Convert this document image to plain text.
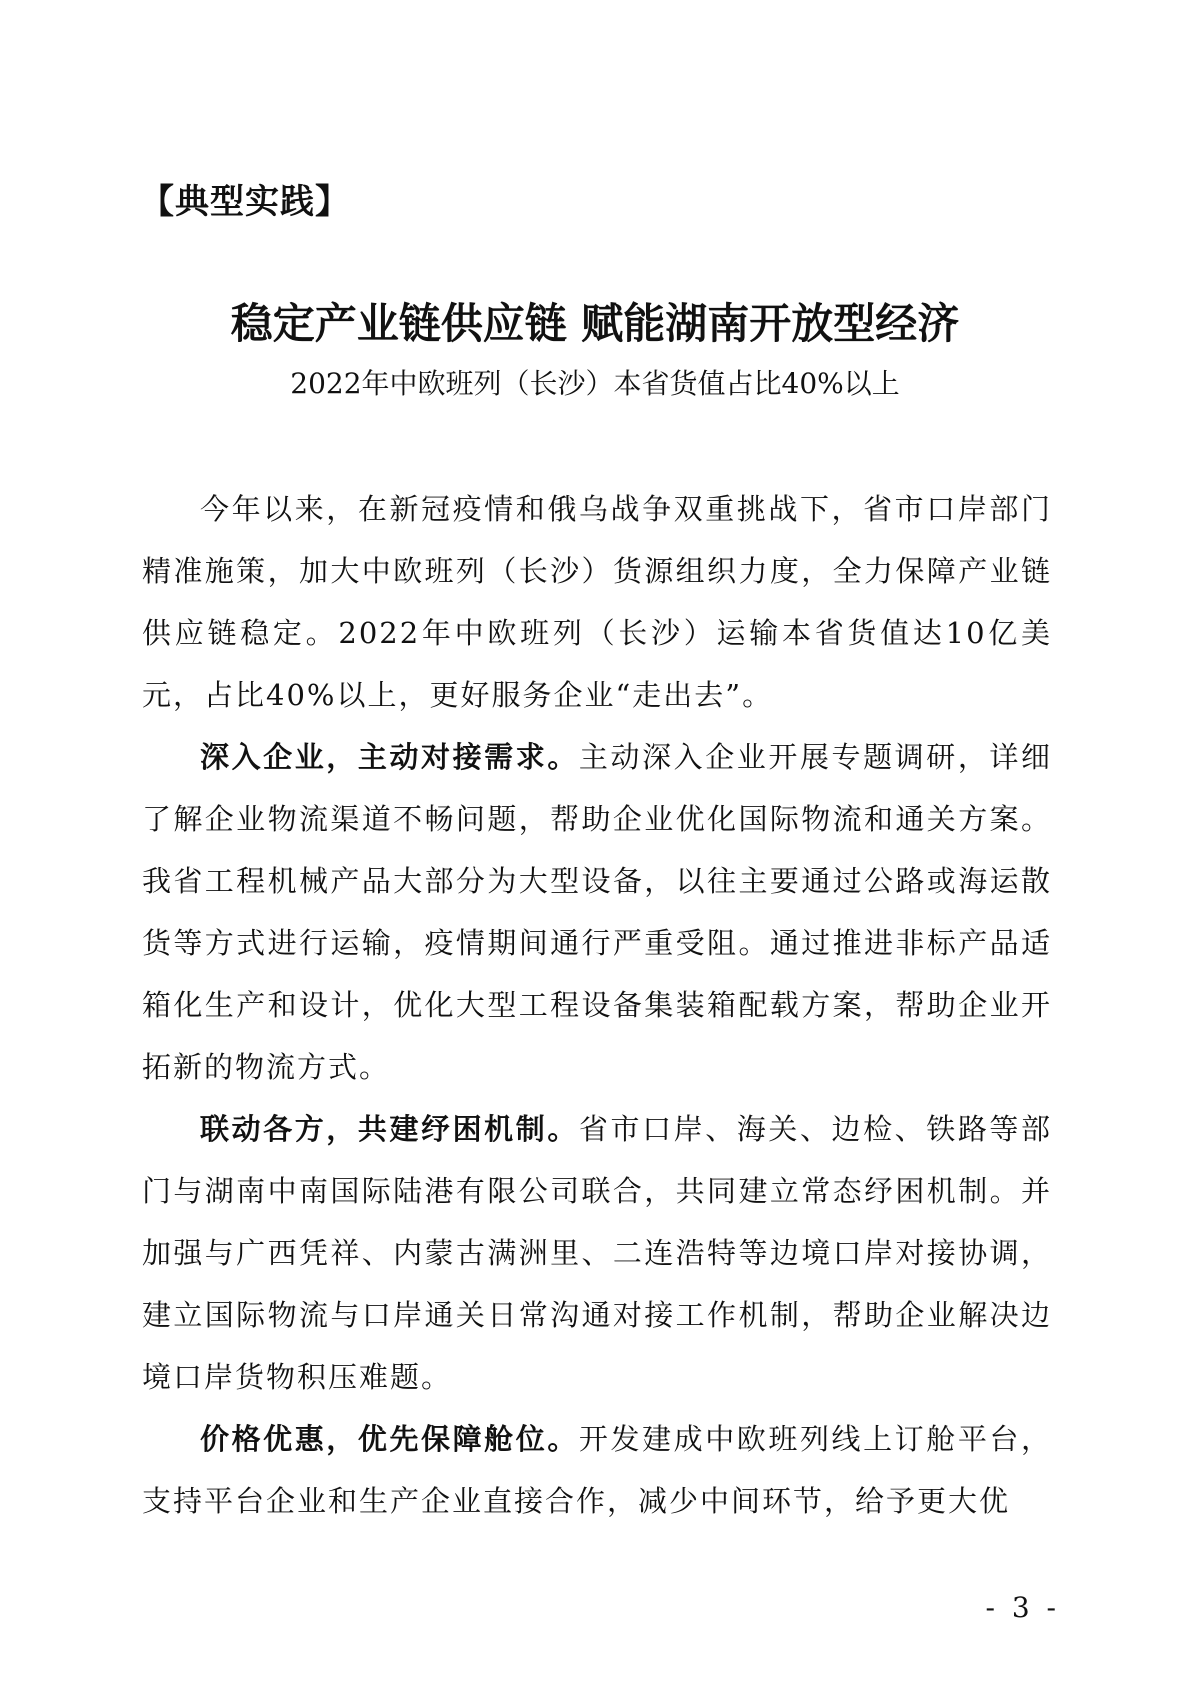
【典型实践】
稳定产业链供应链 赋能湖南开放型经济
2022年中欧班列（长沙）本省货值占比40%以上

今年以来，在新冠疫情和俄乌战争双重挑战下，省市口岸部门精准施策，加大中欧班列（长沙）货源组织力度，全力保障产业链供应链稳定。2022年中欧班列（长沙）运输本省货值达10亿美元，占比40%以上，更好服务企业“走出去”。

深入企业，主动对接需求。主动深入企业开展专题调研，详细了解企业物流渠道不畅问题，帮助企业优化国际物流和通关方案。我省工程机械产品大部分为大型设备，以往主要通过公路或海运散货等方式进行运输，疫情期间通行严重受阻。通过推进非标产品适箱化生产和设计，优化大型工程设备集装箱配载方案，帮助企业开拓新的物流方式。

联动各方，共建纾困机制。省市口岸、海关、边检、铁路等部门与湖南中南国际陆港有限公司联合，共同建立常态纾困机制。并加强与广西凭祥、内蒙古满洲里、二连浩特等边境口岸对接协调，建立国际物流与口岸通关日常沟通对接工作机制，帮助企业解决边境口岸货物积压难题。

价格优惠，优先保障舱位。开发建成中欧班列线上订舱平台，支持平台企业和生产企业直接合作，减少中间环节，给予更大优

- 3 -
